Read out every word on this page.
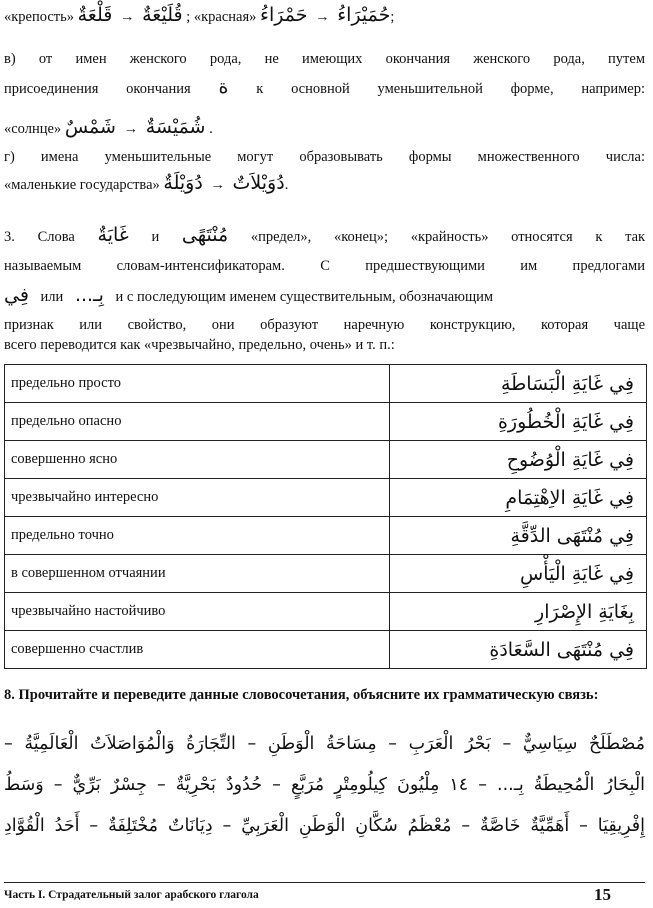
«крепость» قَلْعَةٌ → قُلَيْعَةٌ ; «красная» حَمْرَاءُ → حُمَيْرَاءُ;
в) от имен женского рода, не имеющих окончания женского рода, путем
присоединения окончания ة к основной уменьшительной форме, например:
«солнце» شَمْسٌ → شُمَيْسَةٌ .
г) имена уменьшительные могут образовывать формы множественного числа:
«маленькие государства» دُوَيْلَةٌ → دُوَيْلاَتٌ.
3. Слова غَايَةٌ и مُنْتَهًى «предел», «конец»; «крайность» относятся к так
называемым словам-интенсификаторам. С предшествующими им предлогами
فِي или بِـ... и с последующим именем существительным, обозначающим
признак или свойство, они образуют наречную конструкцию, которая чаще
всего переводится как «чрезвычайно, предельно, очень» и т. п.:
предельно просто	فِي غَايَةِ الْبَسَاطَةِ
предельно опасно	فِي غَايَةِ الْخُطُورَةِ
совершенно ясно	فِي غَايَةِ الْوُضُوحِ
чрезвычайно интересно	فِي غَايَةِ الاِهْتِمَامِ
предельно точно	فِي مُنْتَهَى الدِّقَّةِ
в совершенном отчаянии	فِي غَايَةِ الْيَأْسِ
чрезвычайно настойчиво	بِغَايَةِ الإِصْرَارِ
совершенно счастлив	فِي مُنْتَهَى السَّعَادَةِ
8. Прочитайте и переведите данные словосочетания, объясните их грамматическую связь:
مُصْطَلَحٌ سِيَاسِيٌّ – بَحْرُ الْعَرَبِ – مِسَاحَةُ الْوَطَنِ – التِّجَارَةُ وَالْمُوَاصَلاَتُ الْعَالَمِيَّةُ –
الْبِحَارُ الْمُحِيطَةُ بِـ... – ١٤ مِلْيُونَ كِيلُومِتْرٍ مُرَبَّعٍ – حُدُودٌ بَحْرِيَّةٌ – جِسْرٌ بَرِّيٌّ – وَسَطُ
إِفْرِيقِيَا – أَهَمِّيَّةٌ خَاصَّةٌ – مُعْظَمُ سُكَّانِ الْوَطَنِ الْعَرَبِيِّ – دِيَانَاتٌ مُخْتَلِفَةٌ – أَحَدُ الْقُوَّادِ
Часть I. Страдательный залог арабского глагола	15
